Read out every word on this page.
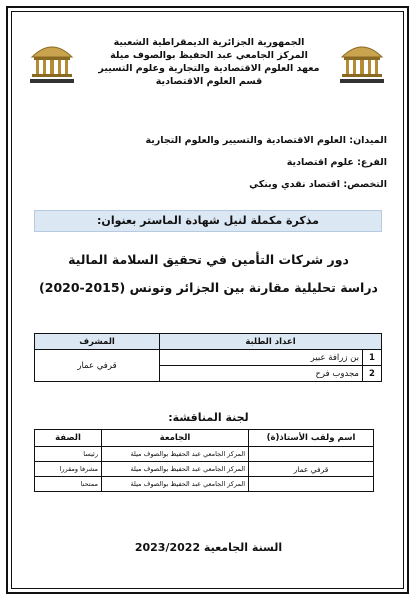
الجمهورية الجزائرية الديمقراطية الشعبية
المركز الجامعي عبد الحفيظ بوالصوف ميلة
معهد العلوم الاقتصادية والتجارية وعلوم التسيير
قسم العلوم الاقتصادية
الميدان: العلوم الاقتصادية والتسيير والعلوم التجارية
الفرع: علوم اقتصادية
التخصص: اقتصاد نقدي وبنكي
مذكرة مكملة لنيل شهادة الماستر بعنوان:
دور شركات التأمين في تحقيق السلامة المالية
دراسة تحليلية مقارنة بين الجزائر وتونس (2015-2020)
اعداد الطلبة		المشرف
1	بن زرافة عبير	قرفي عمار
2	مجدوب فرح	
لجنة المناقشة:
اسم ولقب الأستاذ(ة)	الجامعة	الصفة
	المركز الجامعي عبد الحفيظ بوالصوف ميلة	رئيسا
قرفي عمار	المركز الجامعي عبد الحفيظ بوالصوف ميلة	مشرفا ومقررا
	المركز الجامعي عبد الحفيظ بوالصوف ميلة	ممتحنا
السنة الجامعية 2023/2022
